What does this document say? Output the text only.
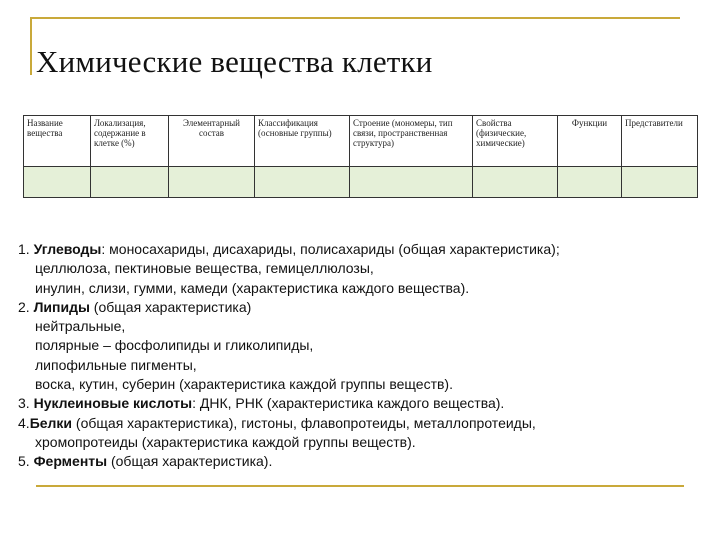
Химические вещества клетки
Название вещества	Локализация, содержание в клетке (%)	Элементарный состав	Классификация (основные группы)	Строение (мономеры, тип связи, пространственная структура)	Свойства (физические, химические)	Функции	Представители

1. Углеводы: моносахариды, дисахариды, полисахариды (общая характеристика);
целлюлоза, пектиновые вещества, гемицеллюлозы,
инулин, слизи, гумми, камеди (характеристика каждого вещества).
2. Липиды (общая характеристика)
нейтральные,
полярные – фосфолипиды и гликолипиды,
липофильные пигменты,
воска, кутин, суберин (характеристика каждой группы веществ).
3. Нуклеиновые кислоты: ДНК, РНК (характеристика каждого вещества).
4.Белки (общая характеристика), гистоны, флавопротеиды, металлопротеиды,
хромопротеиды (характеристика каждой группы веществ).
5. Ферменты (общая характеристика).
